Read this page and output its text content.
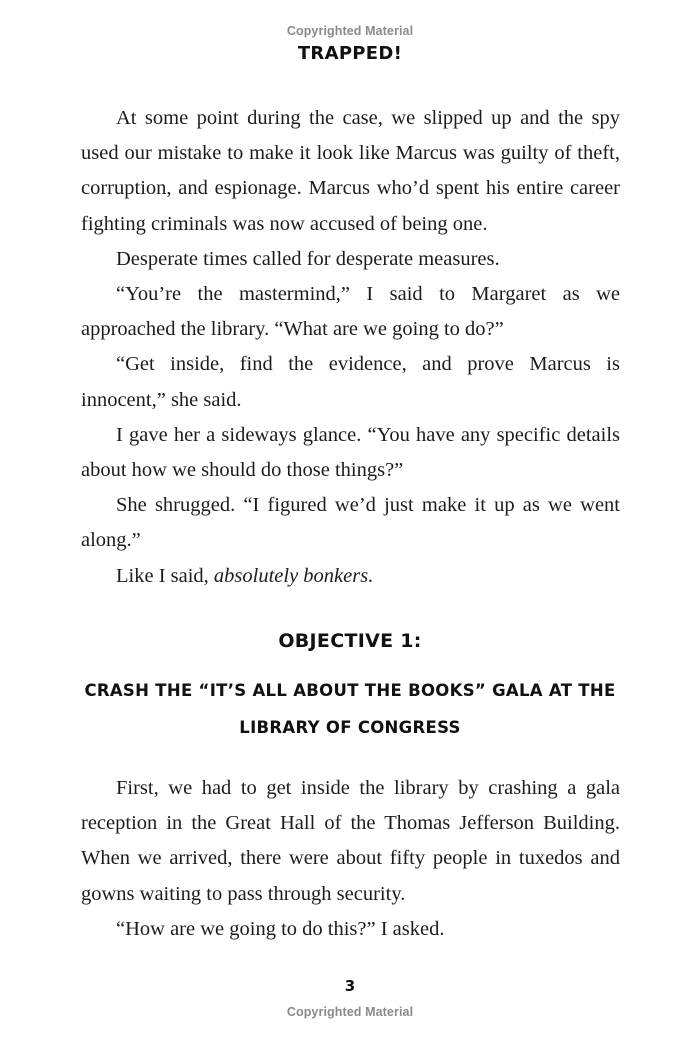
Copyrighted Material
TRAPPED!

At some point during the case, we slipped up and the spy used our mistake to make it look like Marcus was guilty of theft, corruption, and espionage. Marcus who’d spent his entire career fighting criminals was now accused of being one.

Desperate times called for desperate measures.

“You’re the mastermind,” I said to Margaret as we approached the library. “What are we going to do?”

“Get inside, find the evidence, and prove Marcus is innocent,” she said.

I gave her a sideways glance. “You have any specific details about how we should do those things?”

She shrugged. “I figured we’d just make it up as we went along.”

Like I said, absolutely bonkers.

OBJECTIVE 1:
CRASH THE “IT’S ALL ABOUT THE BOOKS” GALA AT THE
LIBRARY OF CONGRESS

First, we had to get inside the library by crashing a gala reception in the Great Hall of the Thomas Jefferson Building. When we arrived, there were about fifty people in tuxedos and gowns waiting to pass through security.

“How are we going to do this?” I asked.

3
Copyrighted Material
